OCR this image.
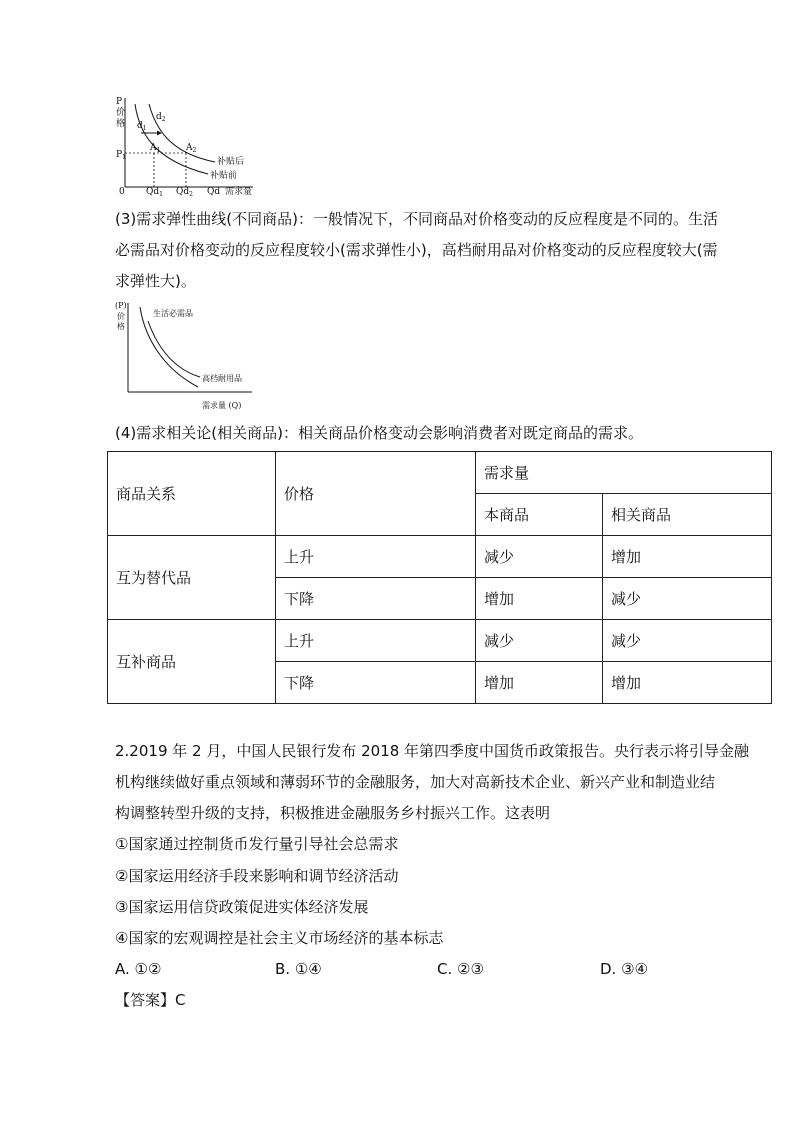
P
价
格
$P_1$
0
$d_1$
$d_2$
$A_1$	$A_2$
补贴后
补贴前
$Qd_1$ $Qd_2$ Qd 需求量
(3)需求弹性曲线(不同商品)：一般情况下，不同商品对价格变动的反应程度是不同的。生活
必需品对价格变动的反应程度较小(需求弹性小)，高档耐用品对价格变动的反应程度较大(需
求弹性大)。
(P)
价
格
生活必需品
高档耐用品
需求量 (Q)
(4)需求相关论(相关商品)：相关商品价格变动会影响消费者对既定商品的需求。
商品关系	价格	需求量	
		本商品	相关商品
互为替代品	上升	减少	增加
	下降	增加	减少
互补商品	上升	减少	减少
	下降	增加	增加
2.2019 年 2 月，中国人民银行发布 2018 年第四季度中国货币政策报告。央行表示将引导金融
机构继续做好重点领域和薄弱环节的金融服务，加大对高新技术企业、新兴产业和制造业结
构调整转型升级的支持，积极推进金融服务乡村振兴工作。这表明
①国家通过控制货币发行量引导社会总需求
②国家运用经济手段来影响和调节经济活动
③国家运用信贷政策促进实体经济发展
④国家的宏观调控是社会主义市场经济的基本标志
A. ①②	B. ①④	C. ②③	D. ③④
【答案】C
